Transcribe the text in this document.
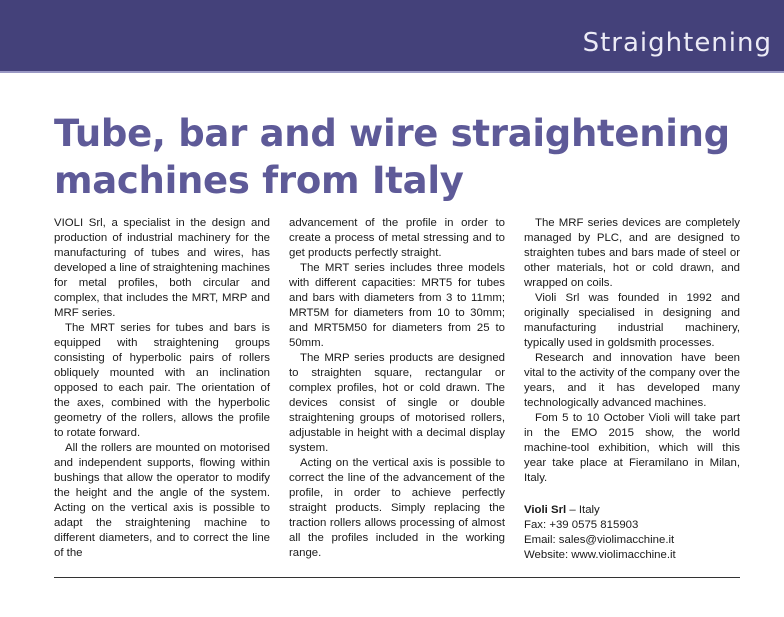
Straightening
Tube, bar and wire straightening machines from Italy

VIOLI Srl, a specialist in the design and production of industrial machinery for the manufacturing of tubes and wires, has developed a line of straightening machines for metal profiles, both circular and complex, that includes the MRT, MRP and MRF series.

The MRT series for tubes and bars is equipped with straightening groups consisting of hyperbolic pairs of rollers obliquely mounted with an inclination opposed to each pair. The orientation of the axes, combined with the hyperbolic geometry of the rollers, allows the profile to rotate forward.

All the rollers are mounted on motorised and independent supports, flowing within bushings that allow the operator to modify the height and the angle of the system. Acting on the vertical axis is possible to adapt the straightening machine to different diameters, and to correct the line of the

advancement of the profile in order to create a process of metal stressing and to get products perfectly straight.

The MRT series includes three models with different capacities: MRT5 for tubes and bars with diameters from 3 to 11mm; MRT5M for diameters from 10 to 30mm; and MRT5M50 for diameters from 25 to 50mm.

The MRP series products are designed to straighten square, rectangular or complex profiles, hot or cold drawn. The devices consist of single or double straightening groups of motorised rollers, adjustable in height with a decimal display system.

Acting on the vertical axis is possible to correct the line of the advancement of the profile, in order to achieve perfectly straight products. Simply replacing the traction rollers allows processing of almost all the profiles included in the working range.

The MRF series devices are completely managed by PLC, and are designed to straighten tubes and bars made of steel or other materials, hot or cold drawn, and wrapped on coils.

Violi Srl was founded in 1992 and originally specialised in designing and manufacturing industrial machinery, typically used in goldsmith processes.

Research and innovation have been vital to the activity of the company over the years, and it has developed many technologically advanced machines.

Fom 5 to 10 October Violi will take part in the EMO 2015 show, the world machine-tool exhibition, which will this year take place at Fieramilano in Milan, Italy.

Violi Srl – Italy
Fax: +39 0575 815903
Email: sales@violimacchine.it
Website: www.violimacchine.it
